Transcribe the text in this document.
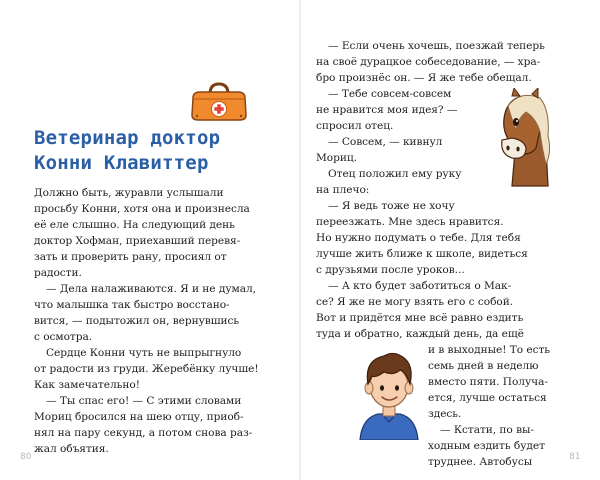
Ветеринар доктор
Конни Клавиттер
Должно быть, журавли услышали
просьбу Конни, хотя она и произнесла
её еле слышно. На следующий день
доктор Хофман, приехавший перевя-
зать и проверить рану, просиял от
радости.
— Дела налаживаются. Я и не думал,
что малышка так быстро восстано-
вится, — подытожил он, вернувшись
с осмотра.
Сердце Конни чуть не выпрыгнуло
от радости из груди. Жеребёнку лучше!
Как замечательно!
— Ты спас его! — С этими словами
Мориц бросился на шею отцу, приоб-
нял на пару секунд, а потом снова раз-
жал объятия.
80
— Если очень хочешь, поезжай теперь
на своё дурацкое собеседование, — хра-
бро произнёс он. — Я же тебе обещал.
— Тебе совсем-совсем
не нравится моя идея? —
спросил отец.
— Совсем, — кивнул
Мориц.
Отец положил ему руку
на плечо:
— Я ведь тоже не хочу
переезжать. Мне здесь нравится.
Но нужно подумать о тебе. Для тебя
лучше жить ближе к школе, видеться
с друзьями после уроков...
— А кто будет заботиться о Мак-
се? Я же не могу взять его с собой.
Вот и придётся мне всё равно ездить
туда и обратно, каждый день, да ещё
и в выходные! То есть
семь дней в неделю
вместо пяти. Получа-
ется, лучше остаться
здесь.
— Кстати, по вы-
ходным ездить будет
труднее. Автобусы	81
